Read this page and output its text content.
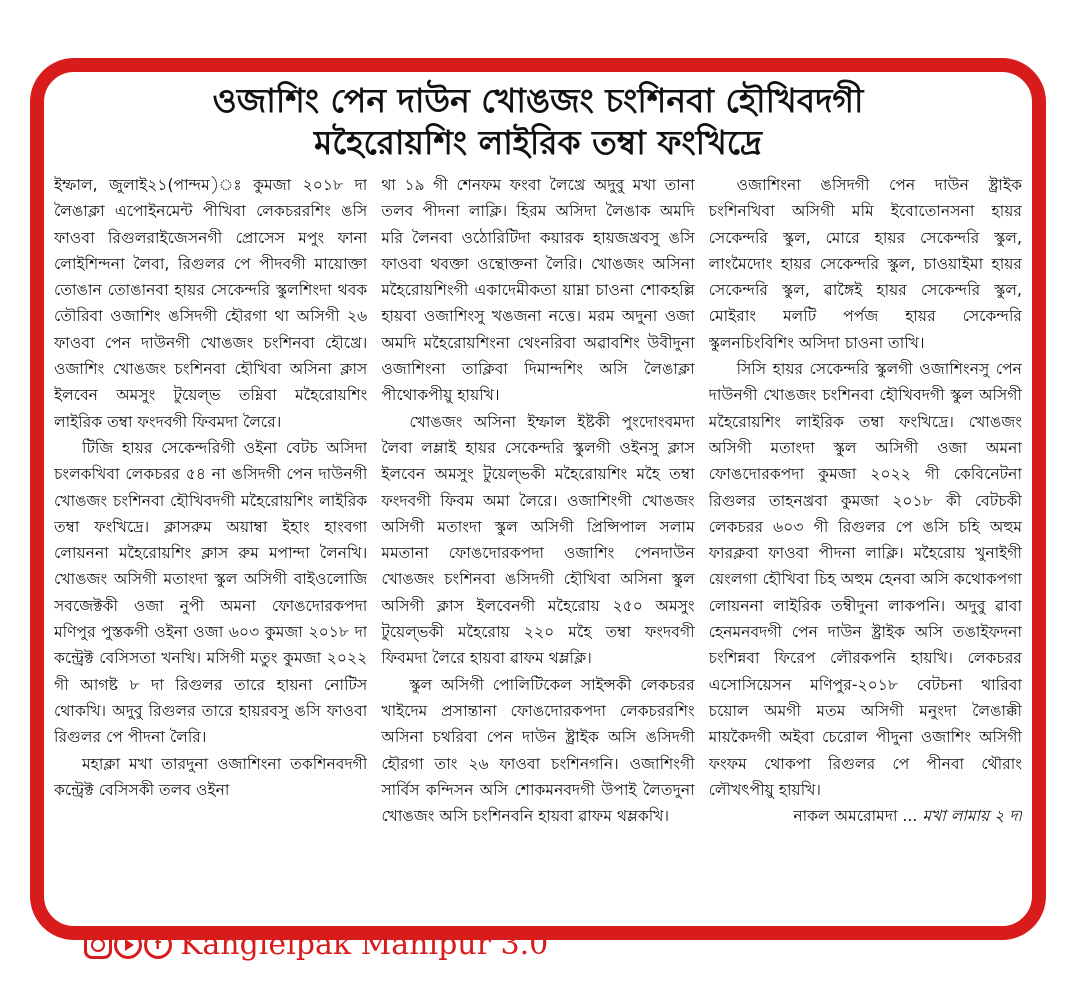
ওজাশিং পেন দাউন খোঙজং চংশিনবা হৌখিবদগী
মহৈরোয়শিং লাইরিক তম্বা ফংখিদ্রে

ইম্ফাল, জুলাই২১(পান্দম)ঃ কুমজা ২০১৮ দা লৈঙাক্লা এপোইনমেন্ট পীখিবা লেকচররশিং ঙসি ফাওবা রিগুলরাইজেসনগী প্রোসেস মপুং ফানা লোইশিন্দনা লৈবা, রিগুলর পে পীদবগী মায়োক্তা তোঙান তোঙানবা হায়র সেকেন্দরি স্কুলশিংদা থবক তৌরিবা ওজাশিং ঙসিদগী হৌরগা থা অসিগী ২৬ ফাওবা পেন দাউনগী খোঙজং চংশিনবা হৌখ্রে। ওজাশিং খোঙজং চংশিনবা হৌখিবা অসিনা ক্লাস ইলবেন অমসুং টুয়েল্ভ তম্নিবা মহৈরোয়শিং লাইরিক তম্বা ফংদবগী ফিবমদা লৈরে।

টিজি হায়র সেকেন্দরিগী ওইনা বেটচ অসিদা চংলকখিবা লেকচরর ৫৪ না ঙসিদগী পেন দাউনগী খোঙজং চংশিনবা হৌখিবদগী মহৈরোয়শিং লাইরিক তম্বা ফংখিদ্রে। ক্লাসরুম অয়াম্বা ইহাং হাংবগা লোয়ননা মহৈরোয়শিং ক্লাস রুম মপান্দা লৈনখি। খোঙজং অসিগী মতাংদা স্কুল অসিগী বাইওলোজি সবজেক্টকী ওজা নুপী অমনা ফোঙদোরকপদা মণিপুর পুস্তকগী ওইনা ওজা ৬০৩ কুমজা ২০১৮ দা কন্ট্রেক্ট বেসিসতা খনখি। মসিগী মতুং কুমজা ২০২২ গী আগষ্ট ৮ দা রিগুলর তারে হায়না নোটিস থোকখি। অদুবু রিগুলর তারে হায়রবসু ঙসি ফাওবা রিগুলর পে পীদনা লৈরি।

মহাক্লা মখা তারদুনা ওজাশিংনা তকশিনবদগী কন্ট্রেক্ট বেসিসকী তলব ওইনা

থা ১৯ গী শেনফম ফংবা লৈখ্রে অদুবু মখা তানা তলব পীদনা লাক্লি। হিরম অসিদা লৈঙাক অমদি মরি লৈনবা ওঠোরিটিদা কয়ারক হায়জখ্রবসু ঙসি ফাওবা থবক্তা ওন্থোক্তনা লৈরি। খোঙজং অসিনা মহৈরোয়শিংগী একাদেমীকতা য়াম্না চাওনা শোকহল্লি হায়বা ওজাশিংসু খঙজনা নত্তে। মরম অদুনা ওজা অমদি মহৈরোয়শিংনা থেংনরিবা অৱাবশিং উবীদুনা ওজাশিংনা তাক্লিবা দিমান্দশিং অসি লৈঙাক্লা পীথোকপীয়ু হায়খি।

খোঙজং অসিনা ইম্ফাল ইষ্টকী পুংদোংবমদা লৈবা লম্লাই হায়র সেকেন্দরি স্কুলগী ওইনসু ক্লাস ইলবেন অমসুং টুয়েল্ভকী মহৈরোয়শিং মহৈ তম্বা ফংদবগী ফিবম অমা লৈরে। ওজাশিংগী খোঙজং অসিগী মতাংদা স্কুল অসিগী প্রিন্সিপাল সলাম মমতানা ফোঙদোরকপদা ওজাশিং পেনদাউন খোঙজং চংশিনবা ঙসিদগী হৌখিবা অসিনা স্কুল অসিগী ক্লাস ইলবেনগী মহৈরোয় ২৫০ অমসুং টুয়েল্ভকী মহৈরোয় ২২০ মহৈ তম্বা ফংদবগী ফিবমদা লৈরে হায়বা ৱাফম থম্লক্লি।

স্কুল অসিগী পোলিটিকেল সাইন্সকী লেকচরর খাইদেম প্রসান্তানা ফোঙদোরকপদা লেকচররশিং অসিনা চথরিবা পেন দাউন ষ্ট্রাইক অসি ঙসিদগী হৌরগা তাং ২৬ ফাওবা চংশিনগনি। ওজাশিংগী সার্বিস কন্দিসন অসি শোকমনবদগী উপাই লৈতদুনা খোঙজং অসি চংশিনবনি হায়বা ৱাফম থম্লকখি।

ওজাশিংনা ঙসিদগী পেন দাউন ষ্ট্রাইক চংশিনখিবা অসিগী মমি ইবোতোনসনা হায়র সেকেন্দরি স্কুল, মোরে হায়র সেকেন্দরি স্কুল, লাংমৈদোং হায়র সেকেন্দরি স্কুল, চাওয়াইমা হায়র সেকেন্দরি স্কুল, ৱাঙ্গৈই হায়র সেকেন্দরি স্কুল, মোইরাং মলটি পর্পজ হায়র সেকেন্দরি স্কুলনচিংবিশিং অসিদা চাওনা তাখি।

সিসি হায়র সেকেন্দরি স্কুলগী ওজাশিংনসু পেন দাউনগী খোঙজং চংশিনবা হৌখিবদগী স্কুল অসিগী মহৈরোয়শিং লাইরিক তম্বা ফংখিদ্রে। খোঙজং অসিগী মতাংদা স্কুল অসিগী ওজা অমনা ফোঙদোরকপদা কুমজা ২০২২ গী কেবিনেটনা রিগুলর তাহনখ্রবা কুমজা ২০১৮ কী বেটচকী লেকচরর ৬০৩ গী রিগুলর পে ঙসি চহি অহুম ফারক্লবা ফাওবা পীদনা লাক্লি। মহৈরোয় খুনাইগী য়েংলগা হৌখিবা চিহ অহুম হেনবা অসি কথোকপগা লোয়ননা লাইরিক তম্বীদুনা লাকপনি। অদুবু ৱাবা হেনমনবদগী পেন দাউন ষ্ট্রাইক অসি তঙাইফদনা চংশিন্নবা ফিরেপ লৌরকপনি হায়খি। লেকচরর এসোসিয়েসন মণিপুর-২০১৮ বেটচনা থারিবা চয়োল অমগী মতম অসিগী মনুংদা লৈঙাক্কী মায়কৈদগী অইবা চেরোল পীদুনা ওজাশিং অসিগী ফংফম থোকপা রিগুলর পে পীনবা থৌরাং লৌখৎপীয়ু হায়খি।

নাকল অমরোমদা ... মখা লামায় ২ দা

f Kangleipak Manipur 3.0
